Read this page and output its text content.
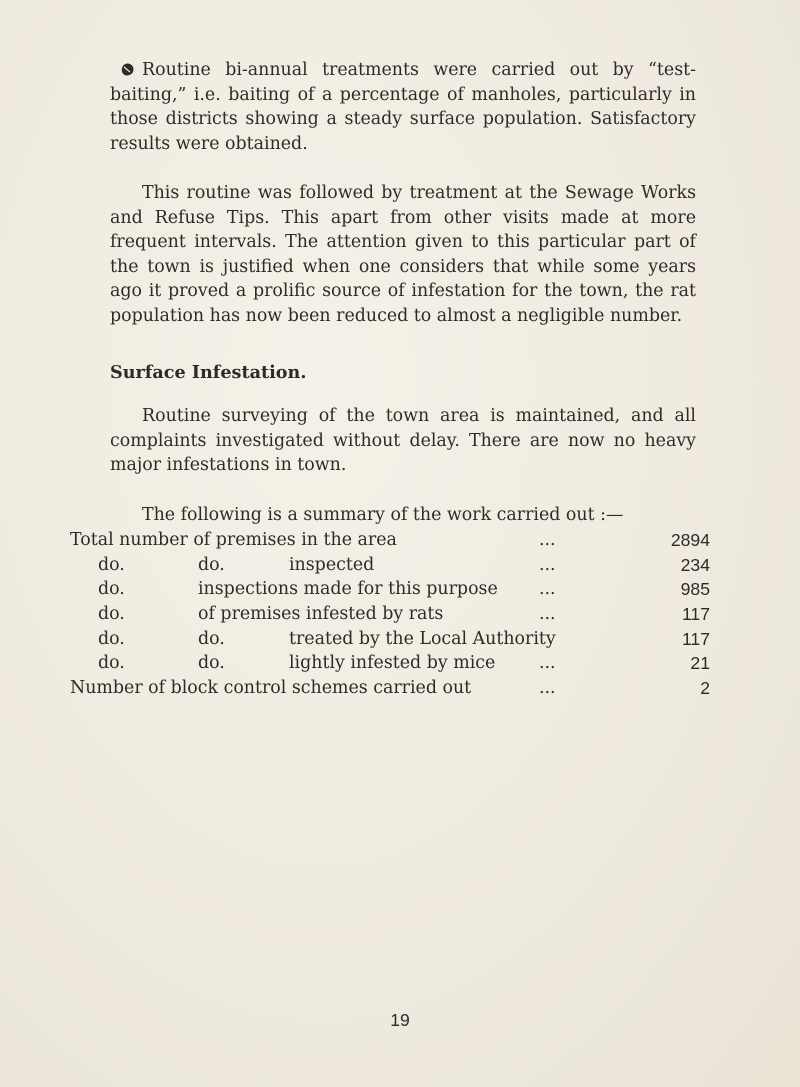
Routine bi-annual treatments were carried out by “test-baiting,” i.e. baiting of a percentage of manholes, particularly in those districts showing a steady surface population. Satisfactory results were obtained.

This routine was followed by treatment at the Sewage Works and Refuse Tips. This apart from other visits made at more frequent intervals. The attention given to this particular part of the town is justified when one considers that while some years ago it proved a prolific source of infestation for the town, the rat population has now been reduced to almost a negligible number.

Surface Infestation.

Routine surveying of the town area is maintained, and all complaints investigated without delay. There are now no heavy major infestations in town.

The following is a summary of the work carried out :—

Total number of premises in the area	...	2894
do.	do.	inspected	...	234
do.	inspections made for this purpose ...	985
do.	of premises infested by rats	...	117
do.	do.	treated by the Local Authority	117
do.	do.	lightly infested by mice	...	21
Number of block control schemes carried out	...	2

19
